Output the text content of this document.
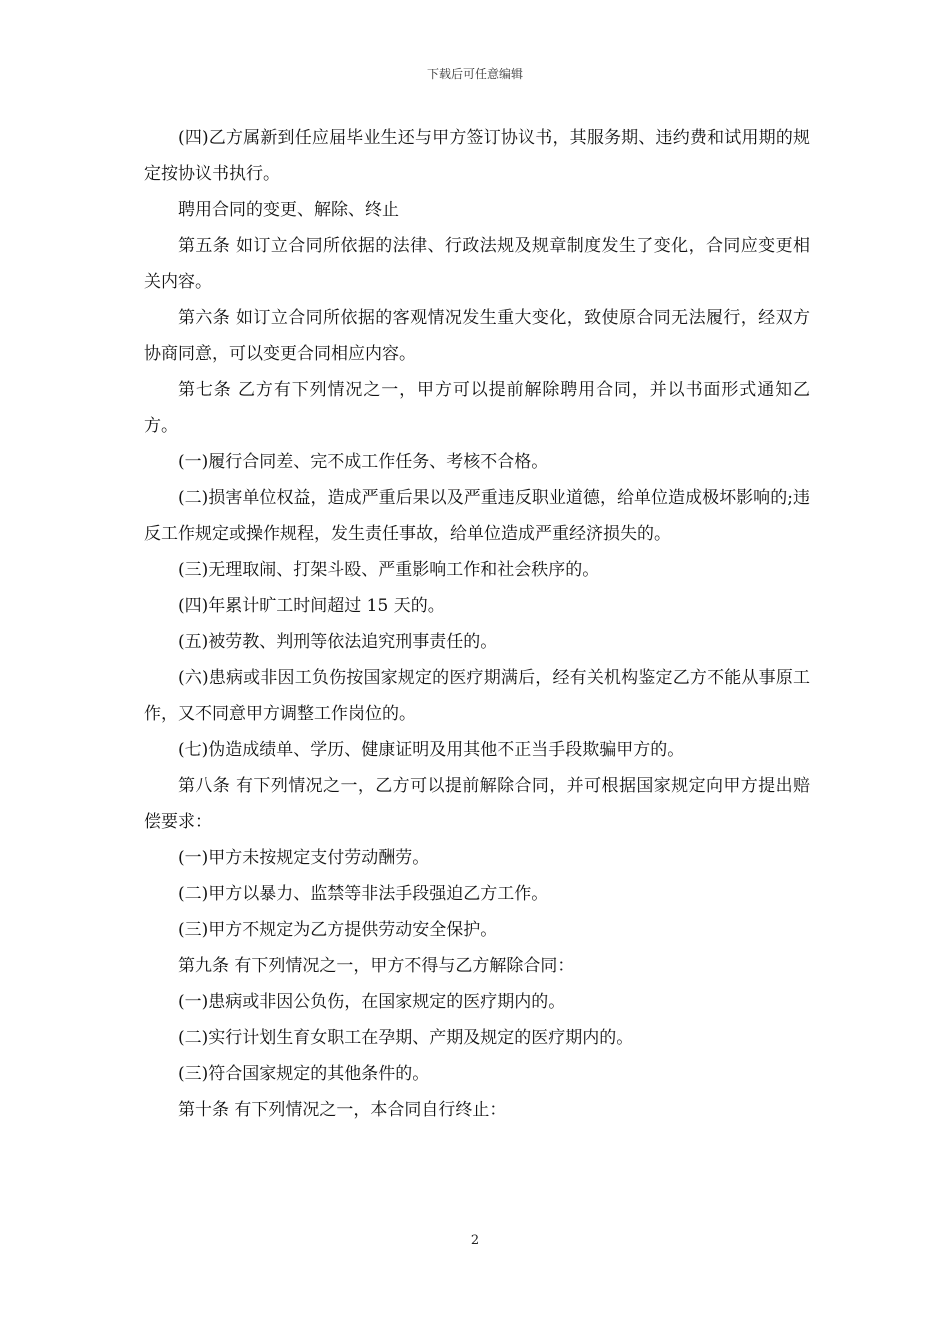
下载后可任意编辑

(四)乙方属新到任应届毕业生还与甲方签订协议书，其服务期、违约费和试用期的规定按协议书执行。

聘用合同的变更、解除、终止

第五条 如订立合同所依据的法律、行政法规及规章制度发生了变化，合同应变更相关内容。

第六条 如订立合同所依据的客观情况发生重大变化，致使原合同无法履行，经双方协商同意，可以变更合同相应内容。

第七条 乙方有下列情况之一，甲方可以提前解除聘用合同，并以书面形式通知乙方。

(一)履行合同差、完不成工作任务、考核不合格。

(二)损害单位权益，造成严重后果以及严重违反职业道德，给单位造成极坏影响的;违反工作规定或操作规程，发生责任事故，给单位造成严重经济损失的。

(三)无理取闹、打架斗殴、严重影响工作和社会秩序的。

(四)年累计旷工时间超过 15 天的。

(五)被劳教、判刑等依法追究刑事责任的。

(六)患病或非因工负伤按国家规定的医疗期满后，经有关机构鉴定乙方不能从事原工作，又不同意甲方调整工作岗位的。

(七)伪造成绩单、学历、健康证明及用其他不正当手段欺骗甲方的。

第八条 有下列情况之一，乙方可以提前解除合同，并可根据国家规定向甲方提出赔偿要求：

(一)甲方未按规定支付劳动酬劳。

(二)甲方以暴力、监禁等非法手段强迫乙方工作。

(三)甲方不规定为乙方提供劳动安全保护。

第九条 有下列情况之一，甲方不得与乙方解除合同：

(一)患病或非因公负伤，在国家规定的医疗期内的。

(二)实行计划生育女职工在孕期、产期及规定的医疗期内的。

(三)符合国家规定的其他条件的。

第十条 有下列情况之一，本合同自行终止：

2
